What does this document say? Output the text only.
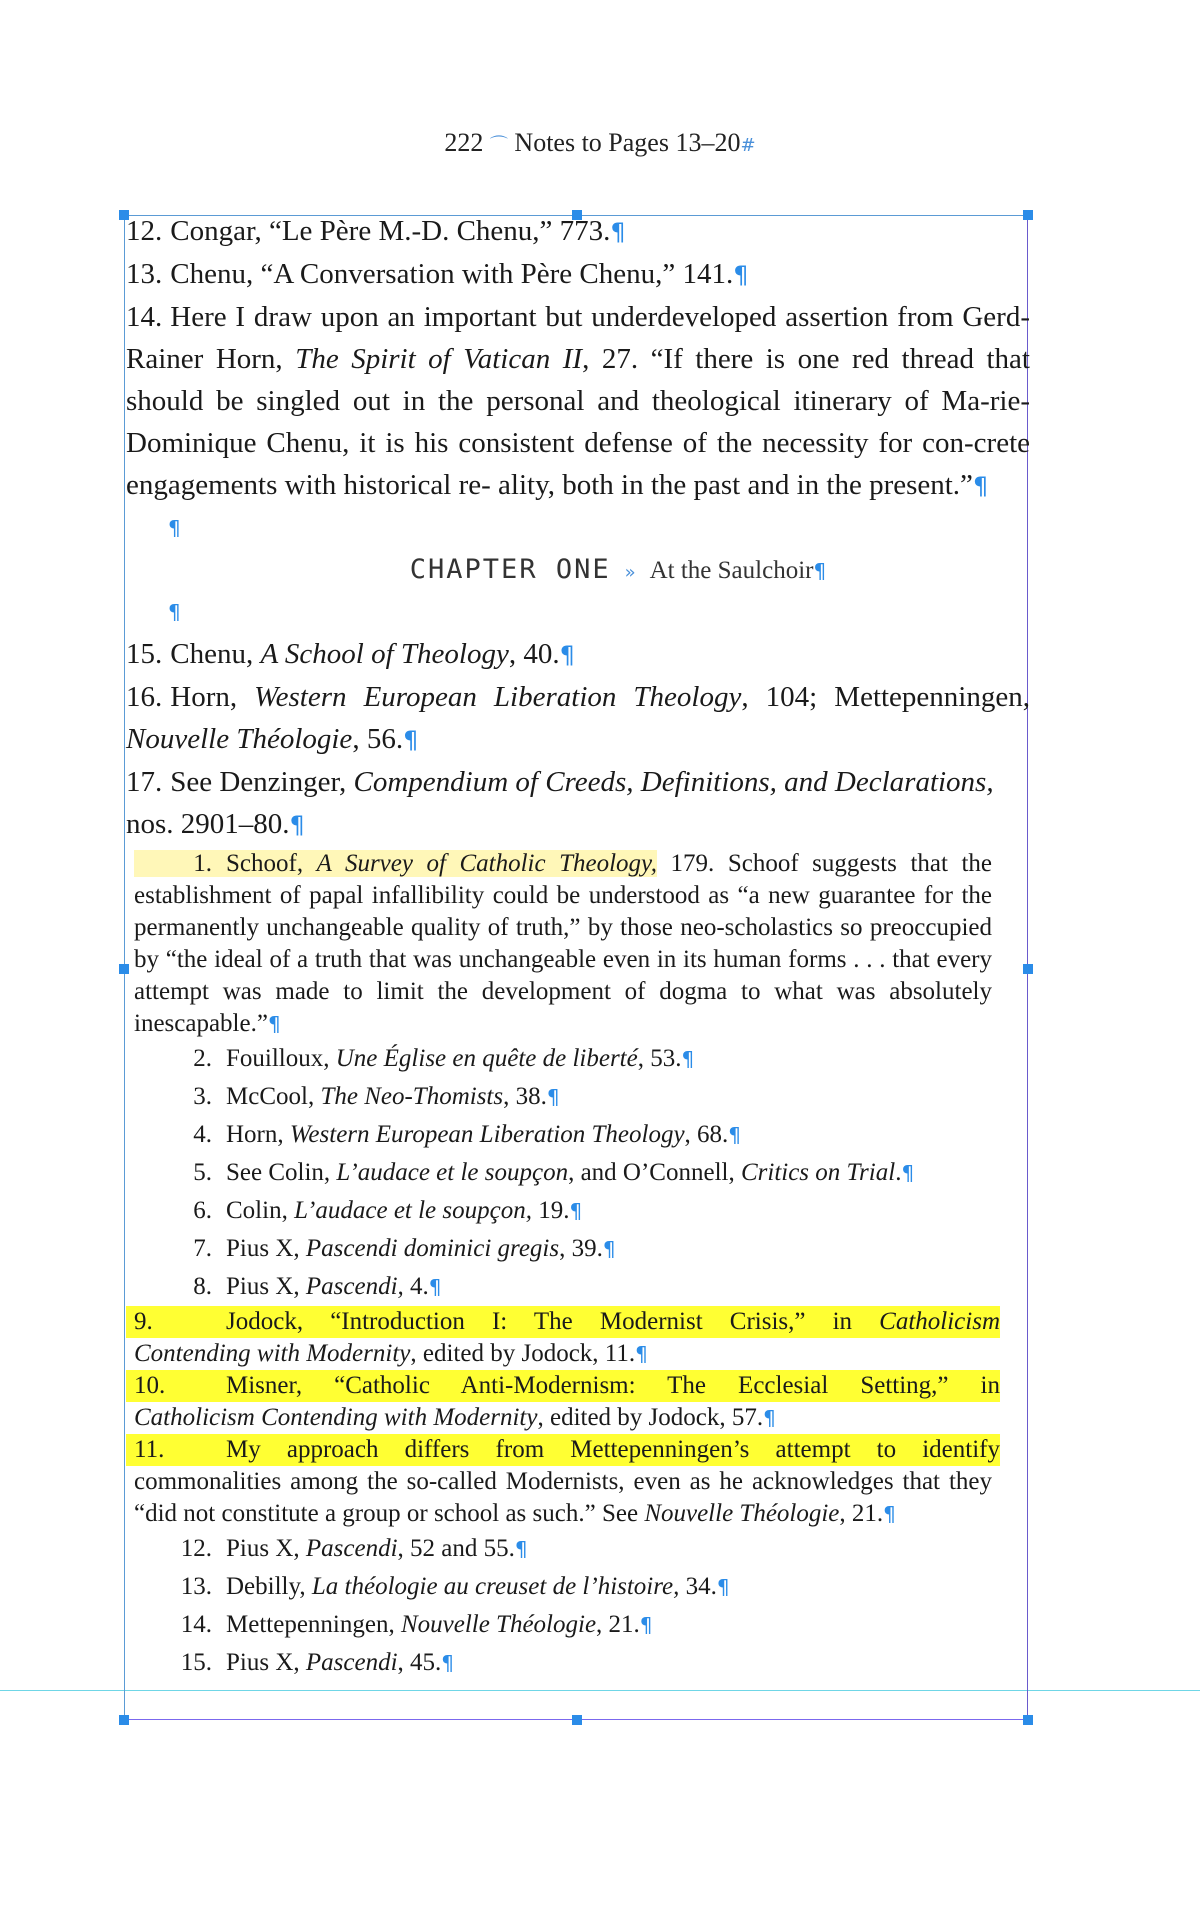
222 ⌒ Notes to Pages 13–20#

12. Congar, “Le Père M.-D. Chenu,” 773.¶

13. Chenu, “A Conversation with Père Chenu,” 141.¶

14. Here I draw upon an important but underdeveloped assertion from Gerd-Rainer Horn, The Spirit of Vatican II, 27. “If there is one red thread that should be singled out in the personal and theological itinerary of Ma-rie-Dominique Chenu, it is his consistent defense of the necessity for con-crete engagements with historical re- ality, both in the past and in the present.”¶

¶
CHAPTER ONE » At the Saulchoir¶
¶

15. Chenu, A School of Theology, 40.¶

16. Horn, Western European Liberation Theology, 104; Mettepenningen, Nouvelle Théologie, 56.¶

17. See Denzinger, Compendium of Creeds, Definitions, and Declarations, nos. 2901–80.¶

1. Schoof, A Survey of Catholic Theology, 179. Schoof suggests that the establishment of papal infallibility could be understood as “a new guarantee for the permanently unchangeable quality of truth,” by those neo-scholastics so preoccupied by “the ideal of a truth that was unchangeable even in its human forms . . . that every attempt was made to limit the development of dogma to what was absolutely inescapable.”¶

2. Fouilloux, Une Église en quête de liberté, 53.¶

3. McCool, The Neo-Thomists, 38.¶

4. Horn, Western European Liberation Theology, 68.¶

5. See Colin, L’audace et le soupçon, and O’Connell, Critics on Trial.¶

6. Colin, L’audace et le soupçon, 19.¶

7. Pius X, Pascendi dominici gregis, 39.¶

8. Pius X, Pascendi, 4.¶

9.	Jodock, “Introduction I: The Modernist Crisis,” in Catholicism
Contending with Modernity, edited by Jodock, 11.¶
10. Misner, “Catholic Anti-Modernism: The Ecclesial Setting,” in
Catholicism Contending with Modernity, edited by Jodock, 57.¶
11. My approach differs from Mettepenningen’s attempt to identify
commonalities among the so-called Modernists, even as he acknowledges that they “did not constitute a group or school as such.” See Nouvelle Théologie, 21.¶

12. Pius X, Pascendi, 52 and 55.¶

13. Debilly, La théologie au creuset de l’histoire, 34.¶

14. Mettepenningen, Nouvelle Théologie, 21.¶

15. Pius X, Pascendi, 45.¶
